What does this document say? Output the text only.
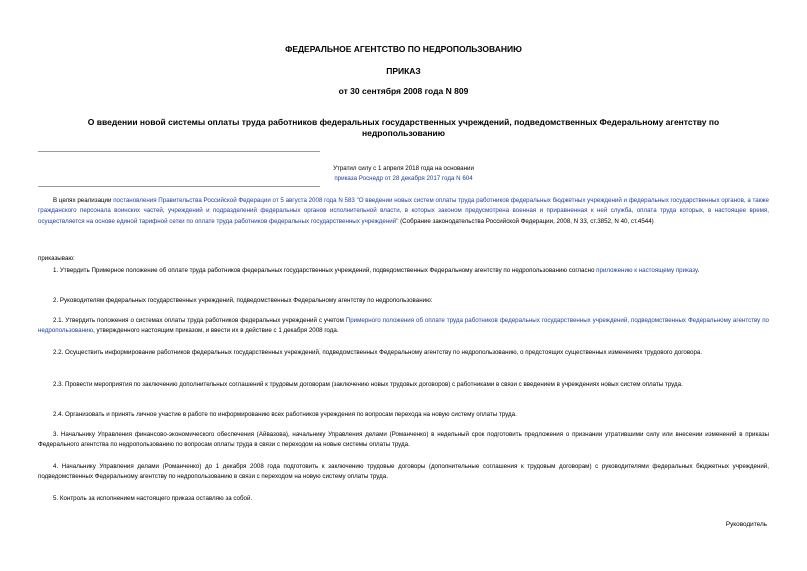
ФЕДЕРАЛЬНОЕ АГЕНТСТВО ПО НЕДРОПОЛЬЗОВАНИЮ
ПРИКАЗ
от 30 сентября 2008 года N 809
О введении новой системы оплаты труда работников федеральных государственных учреждений, подведомственных Федеральному агентству по недропользованию
Утратил силу с 1 апреля 2018 года на основании
приказа Роснедр от 28 декабря 2017 года N 604

В целях реализации постановления Правительства Российской Федерации от 5 августа 2008 года N 583 "О введении новых систем оплаты труда работников федеральных бюджетных учреждений и федеральных государственных органов, а также гражданского персонала воинских частей, учреждений и подразделений федеральных органов исполнительной власти, в которых законом предусмотрена военная и приравненная к ней служба, оплата труда которых, в настоящее время, осуществляется на основе единой тарифной сетки по оплате труда работников федеральных государственных учреждений" (Собрание законодательства Российской Федерации, 2008, N 33, ст.3852, N 40, ст.4544)

приказываю:

1. Утвердить Примерное положение об оплате труда работников федеральных государственных учреждений, подведомственных Федеральному агентству по недропользованию согласно приложению к настоящему приказу.

2. Руководителям федеральных государственных учреждений, подведомственных Федеральному агентству по недропользованию:

2.1. Утвердить положения о системах оплаты труда работников федеральных учреждений с учетом Примерного положения об оплате труда работников федеральных государственных учреждений, подведомственных Федеральному агентству по недропользованию, утвержденного настоящим приказом, и ввести их в действие с 1 декабря 2008 года.

2.2. Осуществить информирование работников федеральных государственных учреждений, подведомственных Федеральному агентству по недропользованию, о предстоящих существенных изменениях трудового договора.

2.3. Провести мероприятия по заключению дополнительных соглашений к трудовым договорам (заключению новых трудовых договоров) с работниками в связи с введением в учреждениях новых систем оплаты труда.

2.4. Организовать и принять личное участие в работе по информированию всех работников учреждения по вопросам перехода на новую систему оплаты труда.

3. Начальнику Управления финансово-экономического обеспечения (Айвазова), начальнику Управления делами (Романченко) в недельный срок подготовить предложения о признании утратившими силу или внесении изменений в приказы Федерального агентства по недропользованию по вопросам оплаты труда в связи с переходом на новые системы оплаты труда.

4. Начальнику Управления делами (Романченко) до 1 декабря 2008 года подготовить к заключению трудовые договоры (дополнительные соглашения к трудовым договорам) с руководителями федеральных бюджетных учреждений, подведомственных Федеральному агентству по недропользованию в связи с переходом на новую систему оплаты труда.

5. Контроль за исполнением настоящего приказа оставляю за собой.

Руководитель
